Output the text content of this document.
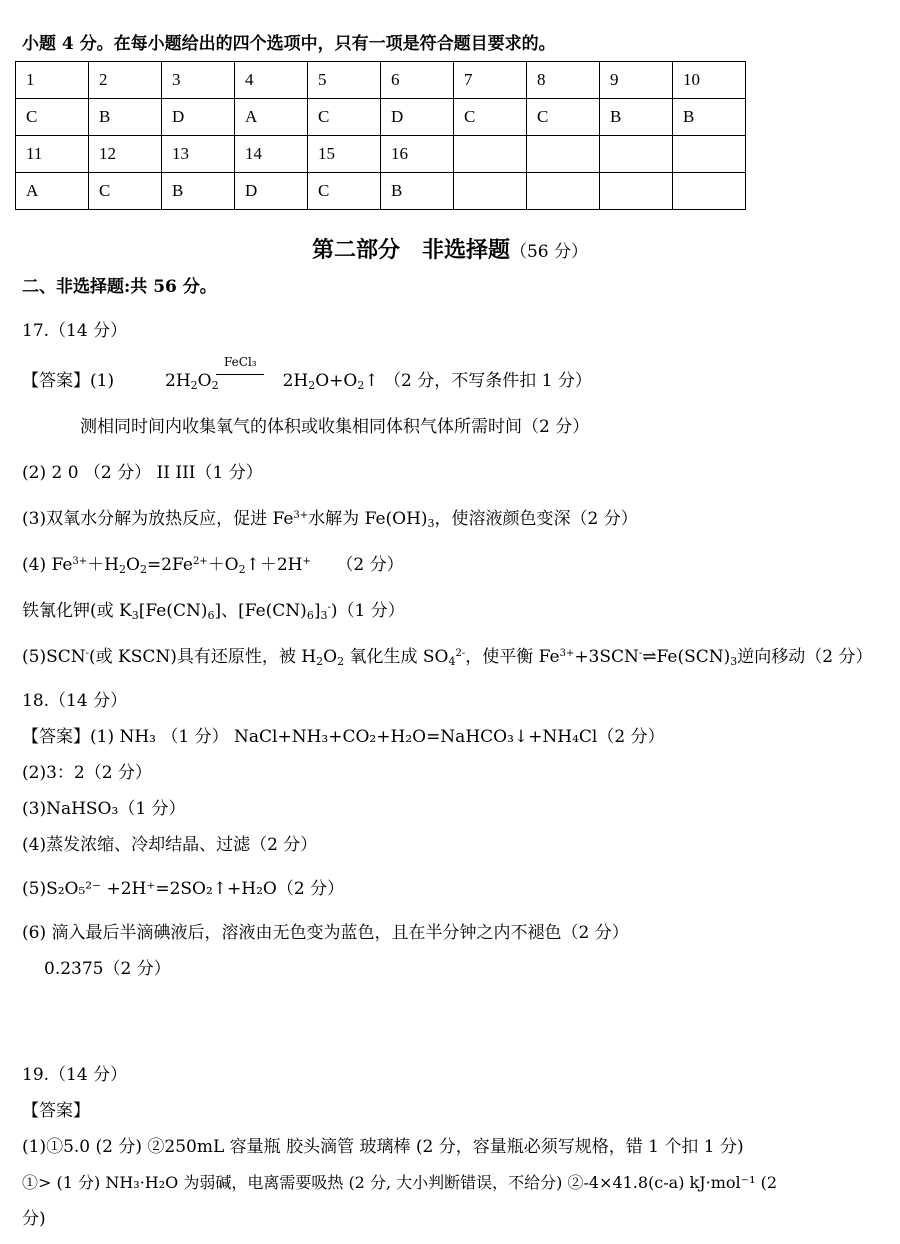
小题 4 分。在每小题给出的四个选项中，只有一项是符合题目要求的。
1	2	3	4	5	6	7	8	9	10
C	B	D	A	C	D	C	C	B	B
11	12	13	14	15	16				
A	C	B	D	C	B				
第二部分　非选择题（56 分）
二、非选择题:共 56 分。
17.（14 分）
【答案】(1)
FeCl₃
$2H_2O_2$	$2H_2O+O_2↑$ （2 分，不写条件扣 1 分）
测相同时间内收集氧气的体积或收集相同体积气体所需时间（2 分）
(2) 2 0 （2 分） II III（1 分）
(3)双氧水分解为放热反应，促进 $Fe^{3+}$水解为 $Fe(OH)_3$，使溶液颜色变深（2 分）
(4) $Fe^{3+}+H_2O_2=2Fe^{2+}+O_2↑+2H^+$　　（2 分）
铁氰化钾(或 $K_3[Fe(CN)_6]$、$[Fe(CN)_6]_3^-)(1$ 分）
(5)SCN-(或 KSCN)具有还原性，被 $H_2O_2$ 氧化生成 $SO_4^{2-}$，使平衡 $Fe^{3+}+3SCN^-\rightleftharpoons Fe(SCN)_3$逆向移动（2 分）
18.（14 分）
【答案】(1) NH₃ （1 分） NaCl+NH₃+CO₂+H₂O=NaHCO₃↓+NH₄Cl（2 分）
(2)3：2（2 分）
(3)NaHSO₃（1 分）
(4)蒸发浓缩、冷却结晶、过滤（2 分）
(5)S₂O₅²⁻ +2H⁺=2SO₂↑+H₂O（2 分）
(6) 滴入最后半滴碘液后，溶液由无色变为蓝色，且在半分钟之内不褪色（2 分）
0.2375（2 分）
19.（14 分）
【答案】
(1)①5.0 (2 分) ②250mL 容量瓶 胶头滴管 玻璃棒 (2 分，容量瓶必须写规格，错 1 个扣 1 分)
①> (1 分) NH₃·H₂O 为弱碱，电离需要吸热 (2 分, 大小判断错误，不给分) ②-4×41.8(c-a) kJ·mol⁻¹ (2
分)
